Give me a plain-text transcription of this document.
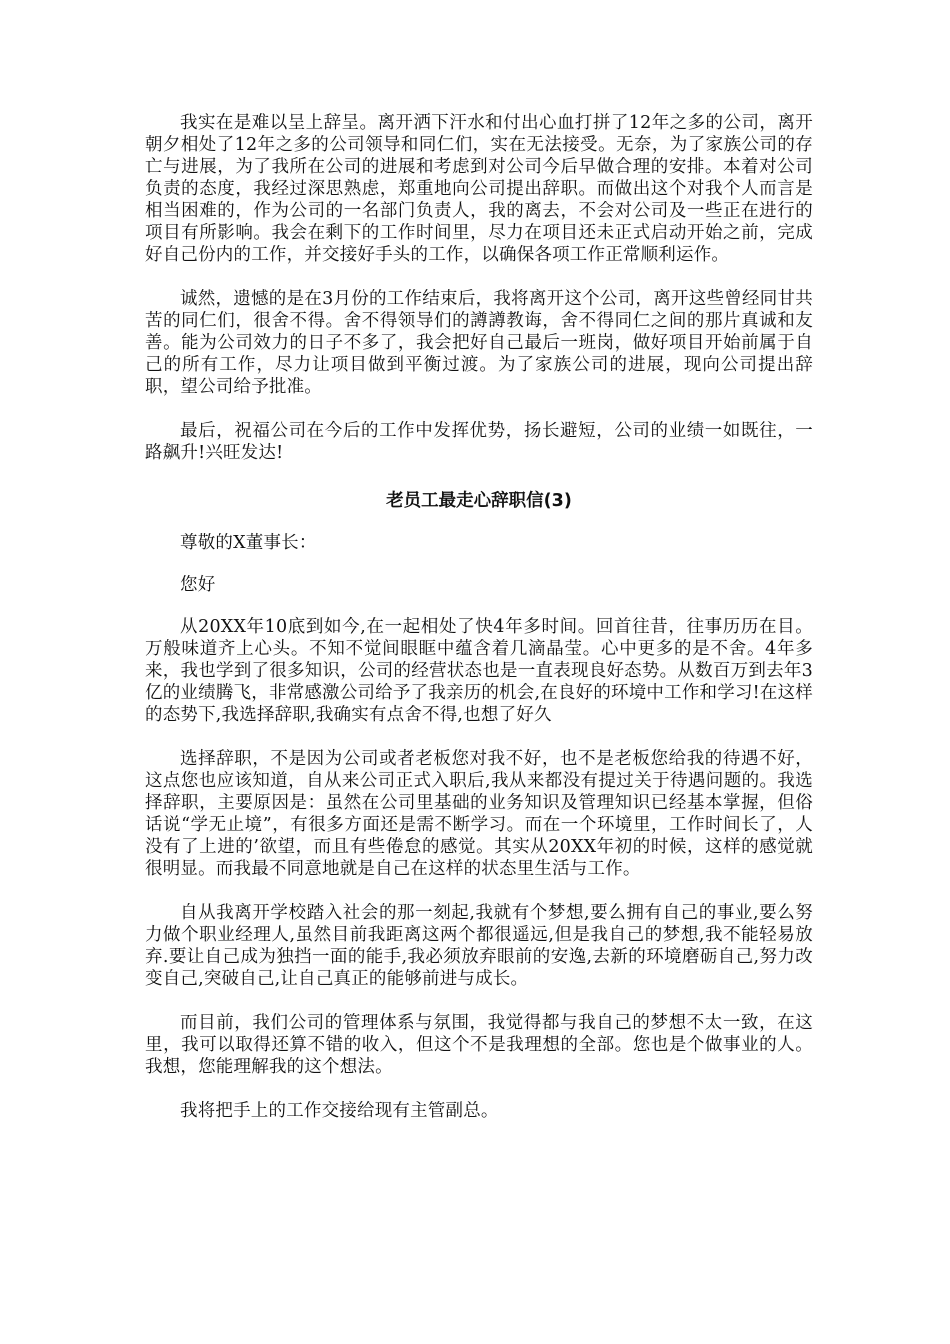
我实在是难以呈上辞呈。离开洒下汗水和付出心血打拼了12年之多的公司，离开朝夕相处了12年之多的公司领导和同仁们，实在无法接受。无奈，为了家族公司的存亡与进展，为了我所在公司的进展和考虑到对公司今后早做合理的安排。本着对公司负责的态度，我经过深思熟虑，郑重地向公司提出辞职。而做出这个对我个人而言是相当困难的，作为公司的一名部门负责人，我的离去，不会对公司及一些正在进行的项目有所影响。我会在剩下的工作时间里，尽力在项目还未正式启动开始之前，完成好自己份内的工作，并交接好手头的工作，以确保各项工作正常顺利运作。

诚然，遗憾的是在3月份的工作结束后，我将离开这个公司，离开这些曾经同甘共苦的同仁们，很舍不得。舍不得领导们的譐譐教诲，舍不得同仁之间的那片真诚和友善。能为公司效力的日子不多了，我会把好自己最后一班岗，做好项目开始前属于自己的所有工作，尽力让项目做到平衡过渡。为了家族公司的进展，现向公司提出辞职，望公司给予批准。

最后，祝福公司在今后的工作中发挥优势，扬长避短，公司的业绩一如既往，一路飙升!兴旺发达!

老员工最走心辞职信(3)

尊敬的X董事长：

您好

从20XX年10底到如今,在一起相处了快4年多时间。回首往昔，往事历历在目。万般味道齐上心头。不知不觉间眼眶中蕴含着几滴晶莹。心中更多的是不舍。4年多来，我也学到了很多知识，公司的经营状态也是一直表现良好态势。从数百万到去年3亿的业绩腾飞，非常感激公司给予了我亲历的机会,在良好的环境中工作和学习!在这样的态势下,我选择辞职,我确实有点舍不得,也想了好久

选择辞职，不是因为公司或者老板您对我不好，也不是老板您给我的待遇不好，这点您也应该知道，自从来公司正式入职后,我从来都没有提过关于待遇问题的。我选择辞职，主要原因是：虽然在公司里基础的业务知识及管理知识已经基本掌握，但俗话说“学无止境”，有很多方面还是需不断学习。而在一个环境里，工作时间长了，人没有了上进的’欲望，而且有些倦怠的感觉。其实从20XX年初的时候，这样的感觉就很明显。而我最不同意地就是自己在这样的状态里生活与工作。

自从我离开学校踏入社会的那一刻起,我就有个梦想,要么拥有自己的事业,要么努力做个职业经理人,虽然目前我距离这两个都很遥远,但是我自己的梦想,我不能轻易放弃.要让自己成为独挡一面的能手,我必须放弃眼前的安逸,去新的环境磨砺自己,努力改变自己,突破自己,让自己真正的能够前进与成长。

而目前，我们公司的管理体系与氛围，我觉得都与我自己的梦想不太一致，在这里，我可以取得还算不错的收入，但这个不是我理想的全部。您也是个做事业的人。我想，您能理解我的这个想法。

我将把手上的工作交接给现有主管副总。
